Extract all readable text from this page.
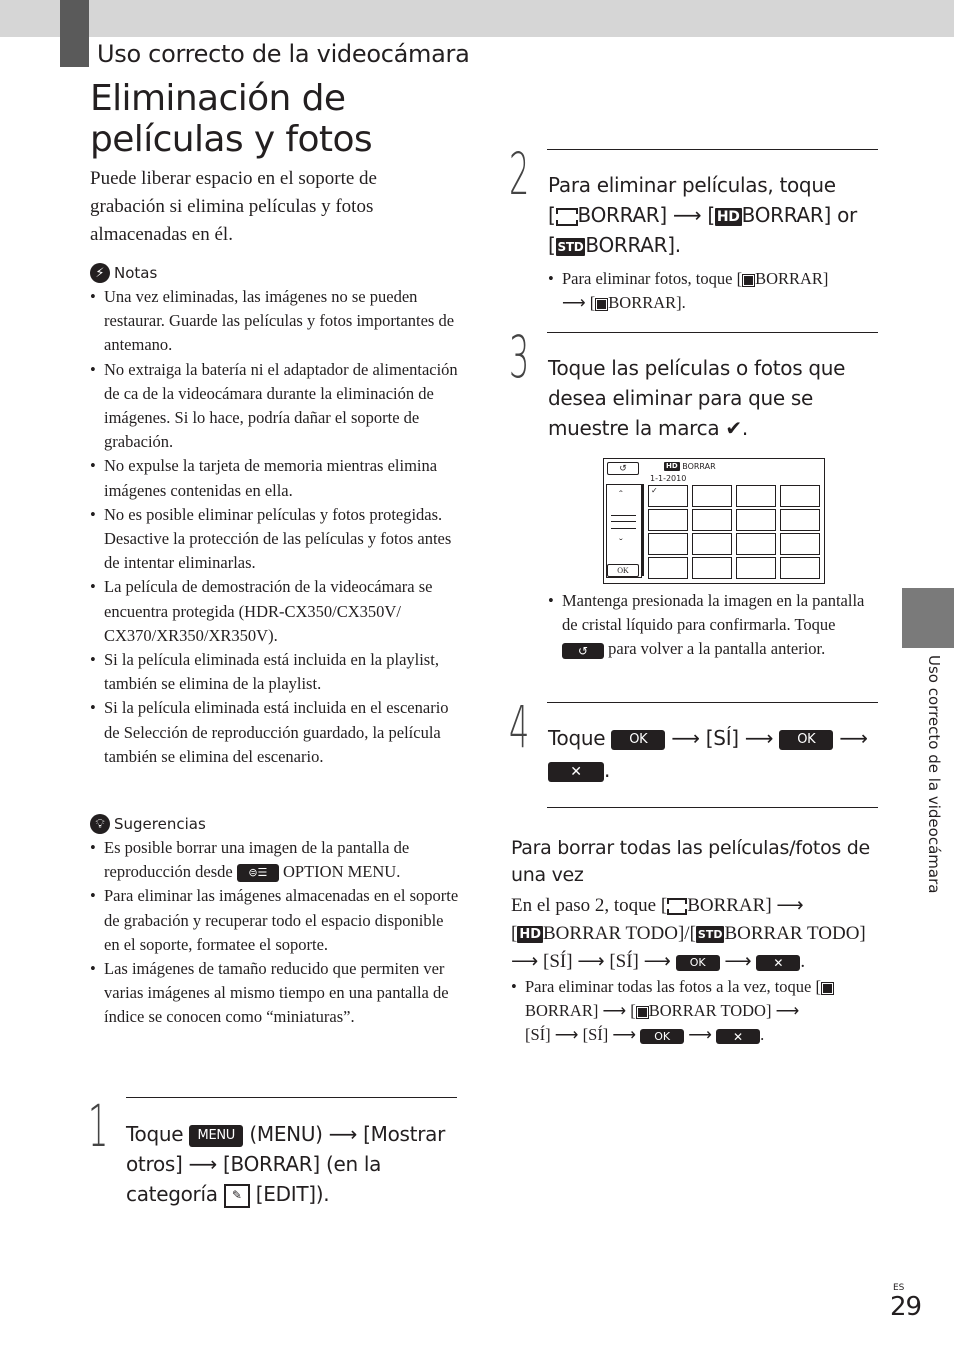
Uso correcto de la videocámara
Eliminación de
películas y fotos
Puede liberar espacio en el soporte de grabación si elimina películas y fotos almacenadas en él.
⚡ Notas
• Una vez eliminadas, las imágenes no se pueden restaurar. Guarde las películas y fotos importantes de antemano.
• No extraiga la batería ni el adaptador de alimentación de ca de la videocámara durante la eliminación de imágenes. Si lo hace, podría dañar el soporte de grabación.
• No expulse la tarjeta de memoria mientras elimina imágenes contenidas en ella.
• No es posible eliminar películas y fotos protegidas. Desactive la protección de las películas y fotos antes de intentar eliminarlas.
• La película de demostración de la videocámara se encuentra protegida (HDR-CX350/CX350V/ CX370/XR350/XR350V).
• Si la película eliminada está incluida en la playlist, también se elimina de la playlist.
• Si la película eliminada está incluida en el escenario de Selección de reproducción guardado, la película también se elimina del escenario.
💡︎ Sugerencias
• Es posible borrar una imagen de la pantalla de reproducción desde ⊜☰ OPTION MENU.
• Para eliminar las imágenes almacenadas en el soporte de grabación y recuperar todo el espacio disponible en el soporte, formatee el soporte.
• Las imágenes de tamaño reducido que permiten ver varias imágenes al mismo tiempo en una pantalla de índice se conocen como “miniaturas”.
1 Toque MENU (MENU) ⟶ [Mostrar otros] ⟶ [BORRAR] (en la categoría ✎ [EDIT]).
2 Para eliminar películas, toque
[ BORRAR] ⟶ [ HD BORRAR] or
[ STD BORRAR].
• Para eliminar fotos, toque [ BORRAR]
⟶ [ BORRAR].
3 Toque las películas o fotos que desea eliminar para que se muestre la marca ✔.
↺	HD BORRAR
1-1-2010
ˆ
ˇ
OK
✓
• Mantenga presionada la imagen en la pantalla de cristal líquido para confirmarla. Toque ↺ para volver a la pantalla anterior.
4 Toque OK ⟶ [SÍ] ⟶ OK ⟶
✕ .
Para borrar todas las películas/fotos de una vez
En el paso 2, toque [ BORRAR] ⟶
[ HD BORRAR TODO]/[ STD BORRAR TODO]
⟶ [SÍ] ⟶ [SÍ] ⟶ OK ⟶ ✕ .
• Para eliminar todas las fotos a la vez, toque [BORRAR] ⟶ [ BORRAR TODO] ⟶
[SÍ] ⟶ [SÍ] ⟶ OK ⟶ ✕ .
Uso correcto de la videocámara
ES
29
